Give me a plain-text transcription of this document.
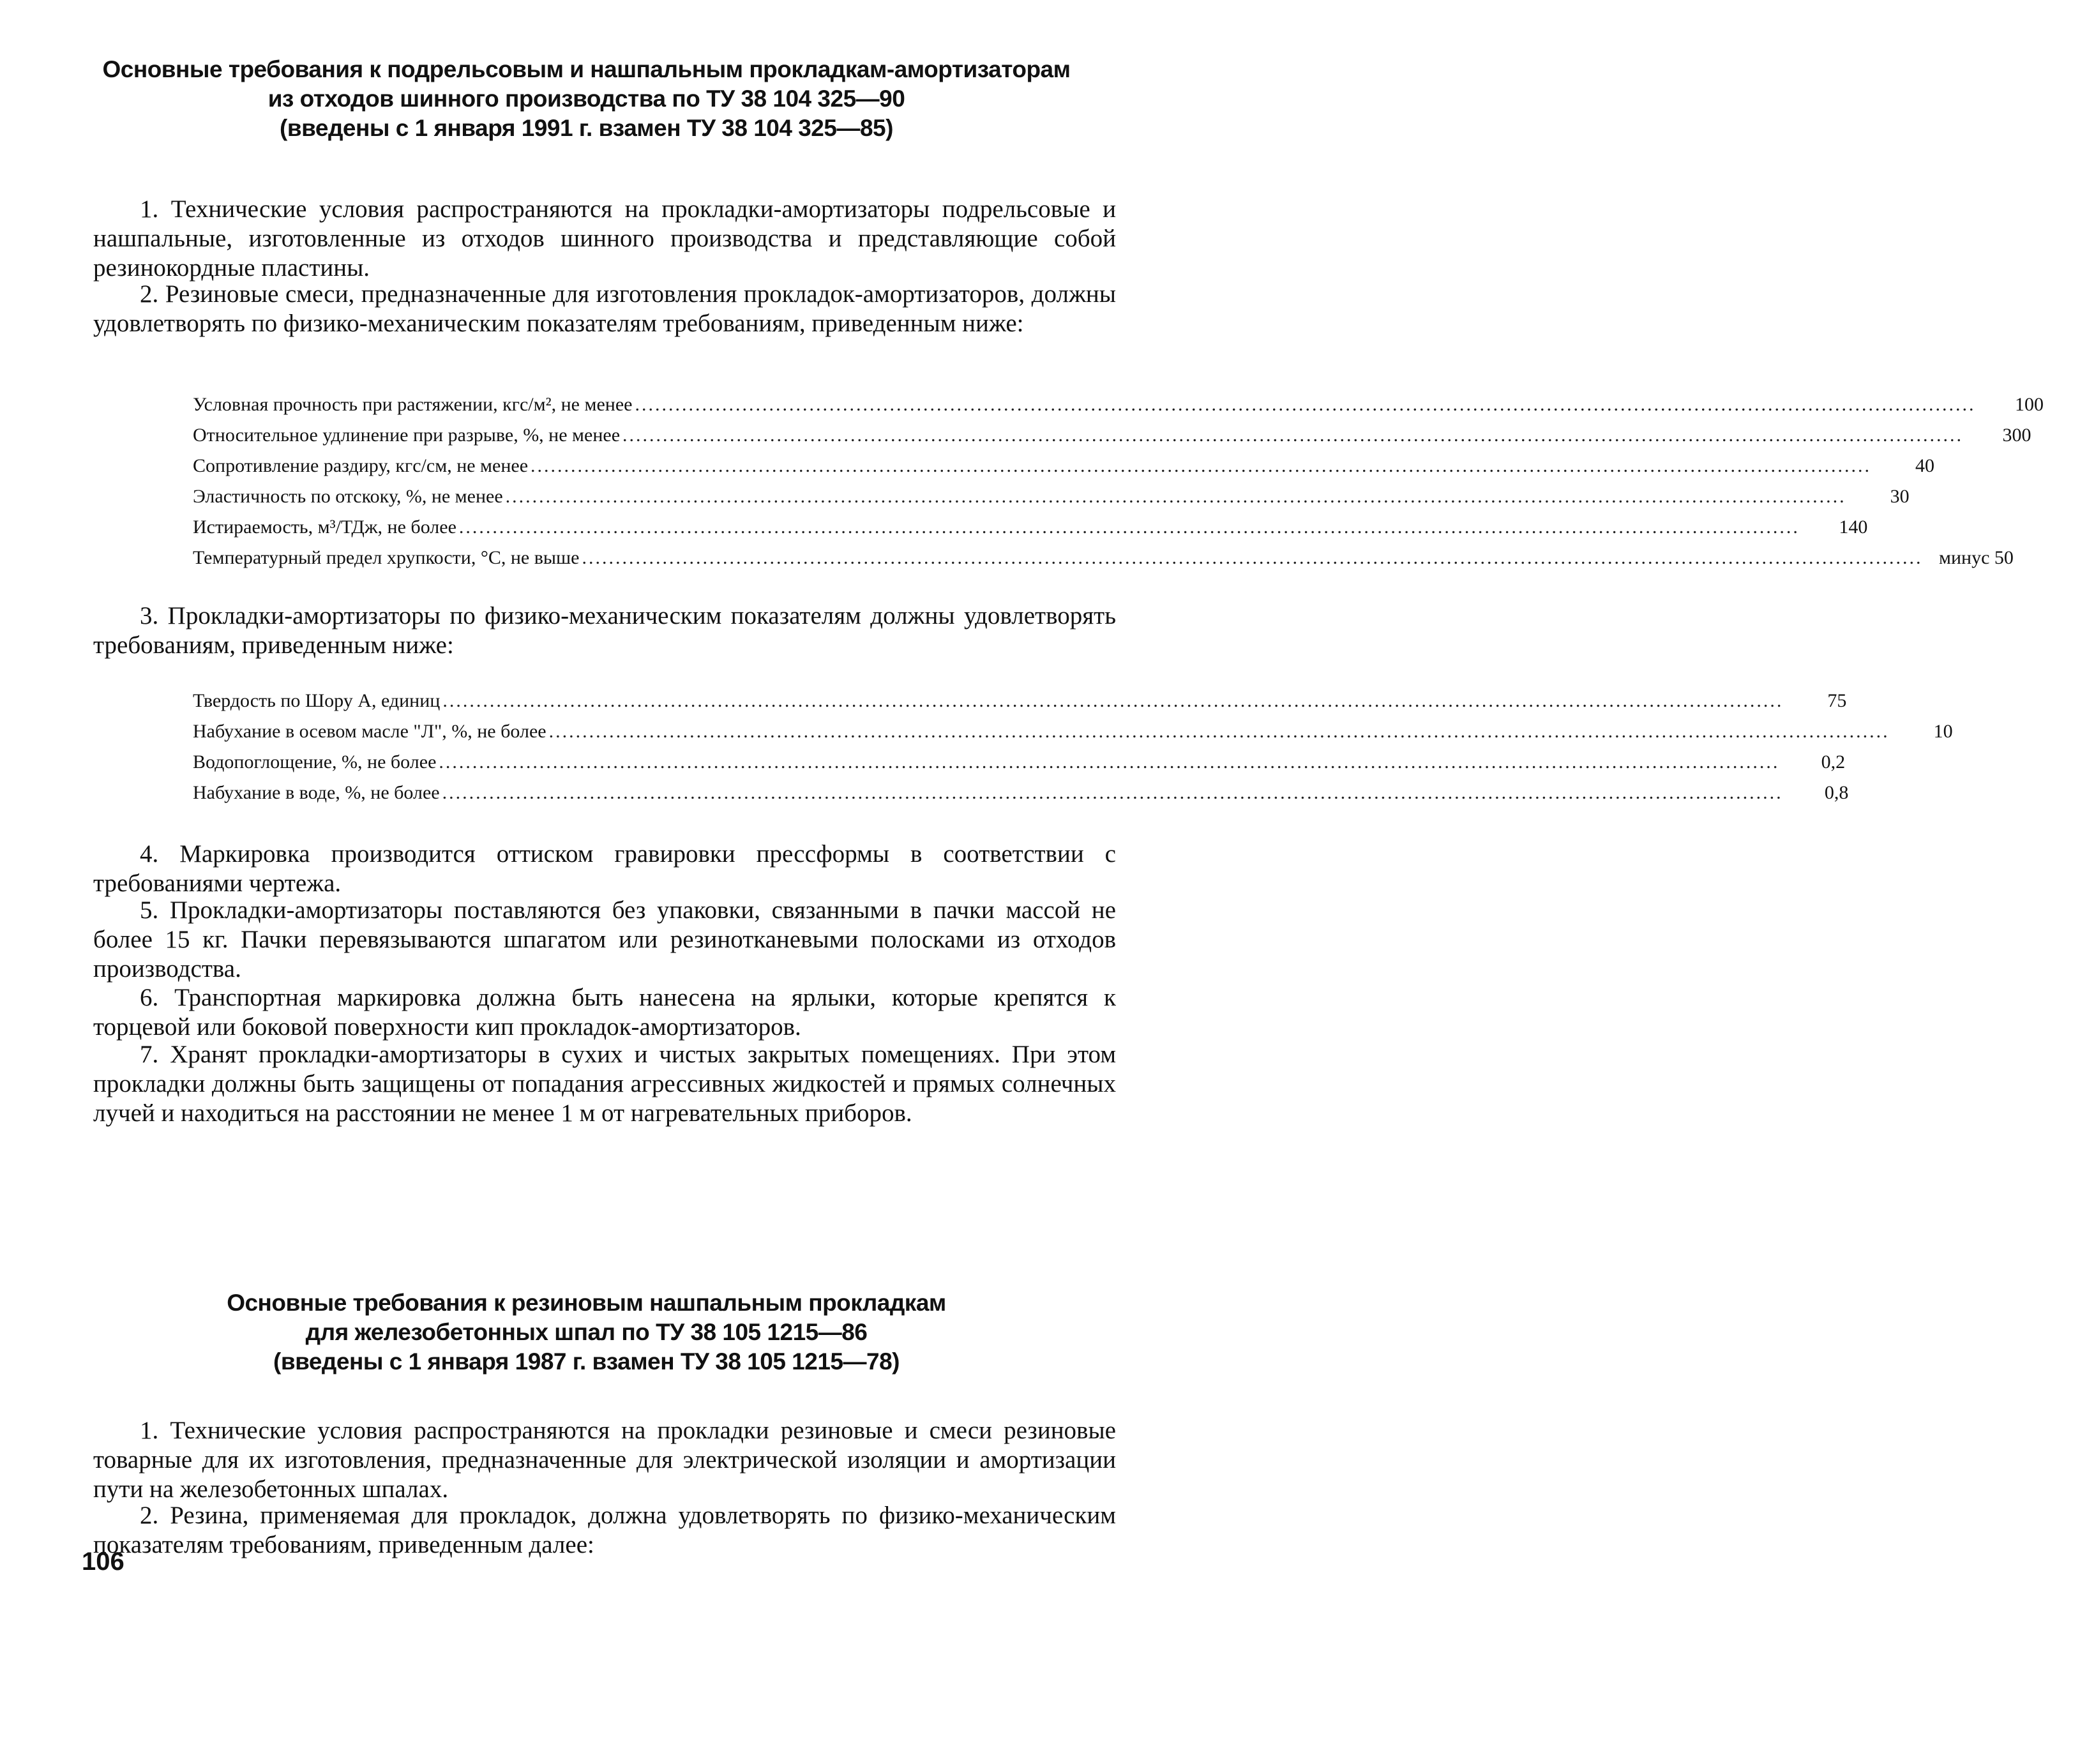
Основные требования к подрельсовым и нашпальным прокладкам-амортизаторам
из отходов шинного производства по ТУ 38 104 325—90
(введены с 1 января 1991 г. взамен ТУ 38 104 325—85)
1. Технические условия распространяются на прокладки-амортизаторы подрельсовые и нашпальные, изготовленные из отходов шинного производства и представляющие собой резинокордные пластины.
2. Резиновые смеси, предназначенные для изготовления прокладок-амортизаторов, должны удовлетворять по физико-механическим показателям требованиям, приведенным ниже:
Условная прочность при растяжении, кгс/м², не менее ........................................................................................................................................................................................................	100
Относительное удлинение при разрыве, %, не менее ........................................................................................................................................................................................................	300
Сопротивление раздиру, кгс/см, не менее ........................................................................................................................................................................................................	40
Эластичность по отскоку, %, не менее ........................................................................................................................................................................................................	30
Истираемость, м³/ТДж, не более ........................................................................................................................................................................................................	140
Температурный предел хрупкости, °С, не выше ........................................................................................................................................................................................................ минус 50
3. Прокладки-амортизаторы по физико-механическим показателям должны удовлетворять требованиям, приведенным ниже:
Твердость по Шору А, единиц ........................................................................................................................................................................................................	75
Набухание в осевом масле "Л", %, не более ........................................................................................................................................................................................................	10
Водопоглощение, %, не более ........................................................................................................................................................................................................	0,2
Набухание в воде, %, не более ........................................................................................................................................................................................................	0,8
4. Маркировка производится оттиском гравировки прессформы в соответствии с требованиями чертежа.
5. Прокладки-амортизаторы поставляются без упаковки, связанными в пачки массой не более 15 кг. Пачки перевязываются шпагатом или резинотканевыми полосками из отходов производства.
6. Транспортная маркировка должна быть нанесена на ярлыки, которые крепятся к торцевой или боковой поверхности кип прокладок-амортизаторов.
7. Хранят прокладки-амортизаторы в сухих и чистых закрытых помещениях. При этом прокладки должны быть защищены от попадания агрессивных жидкостей и прямых солнечных лучей и находиться на расстоянии не менее 1 м от нагревательных приборов.
Основные требования к резиновым нашпальным прокладкам
для железобетонных шпал по ТУ 38 105 1215—86
(введены с 1 января 1987 г. взамен ТУ 38 105 1215—78)
1. Технические условия распространяются на прокладки резиновые и смеси резиновые товарные для их изготовления, предназначенные для электрической изоляции и амортизации пути на железобетонных шпалах.
2. Резина, применяемая для прокладок, должна удовлетворять по физико-механическим показателям требованиям, приведенным далее:
106
